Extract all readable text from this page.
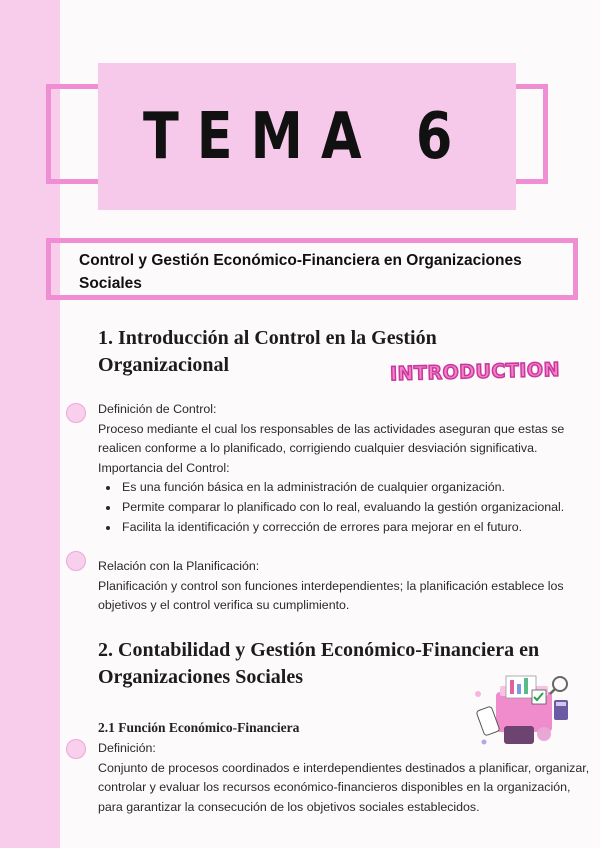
TEMA 6
Control y Gestión Económico-Financiera en Organizaciones Sociales
1. Introducción al Control en la Gestión Organizacional	INTRODUCTION

Definición de Control:

Proceso mediante el cual los responsables de las actividades aseguran que estas se realicen conforme a lo planificado, corrigiendo cualquier desviación significativa.

Importancia del Control:

• Es una función básica en la administración de cualquier organización.
• Permite comparar lo planificado con lo real, evaluando la gestión organizacional.
• Facilita la identificación y corrección de errores para mejorar en el futuro.

Relación con la Planificación:

Planificación y control son funciones interdependientes; la planificación establece los objetivos y el control verifica su cumplimiento.

2. Contabilidad y Gestión Económico-Financiera en Organizaciones Sociales
2.1 Función Económico-Financiera

Definición:

Conjunto de procesos coordinados e interdependientes destinados a planificar, organizar, controlar y evaluar los recursos económico-financieros disponibles en la organización, para garantizar la consecución de los objetivos sociales establecidos.
